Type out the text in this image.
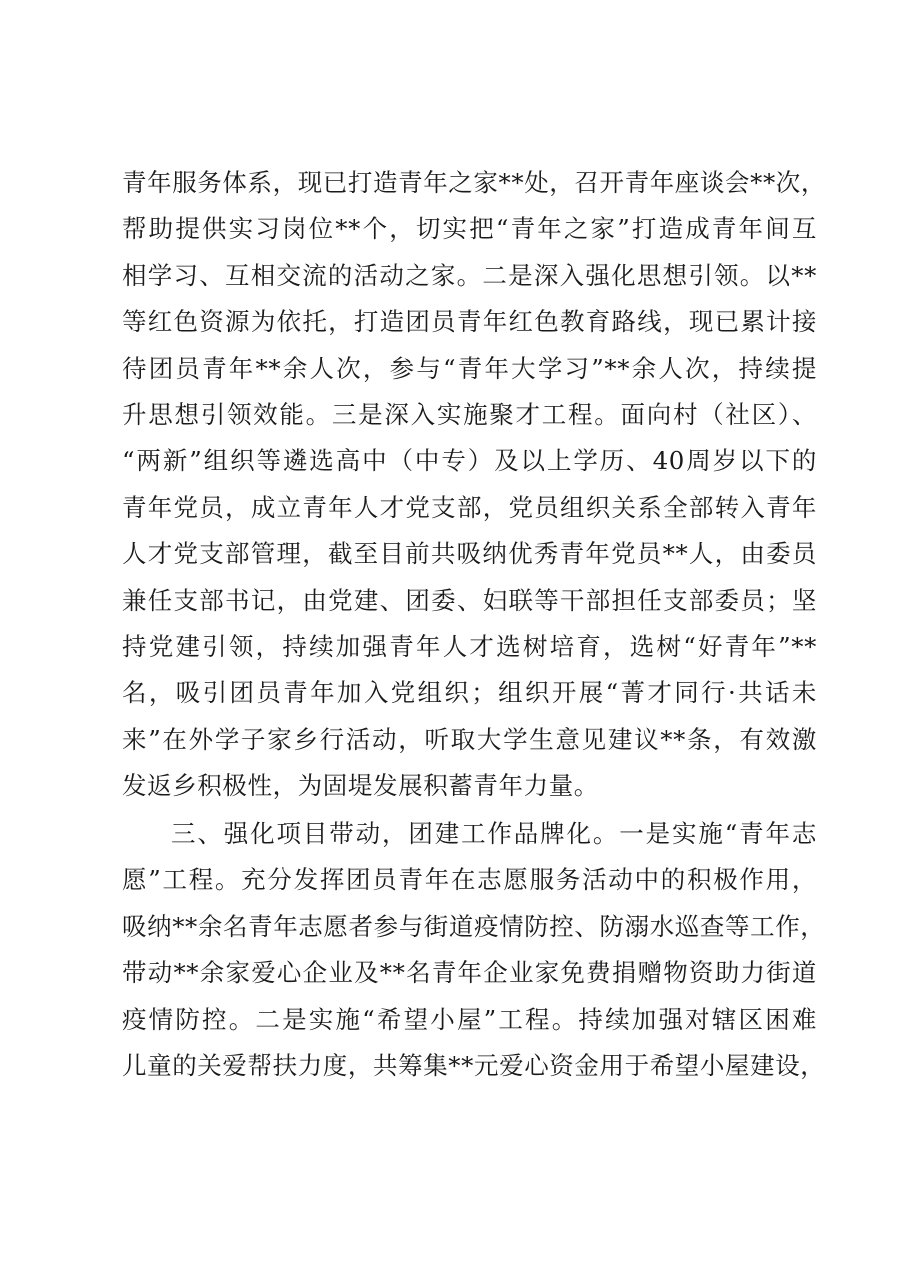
青年服务体系，现已打造青年之家**处，召开青年座谈会**次，
帮助提供实习岗位**个，切实把“青年之家”打造成青年间互
相学习、互相交流的活动之家。二是深入强化思想引领。以**
等红色资源为依托，打造团员青年红色教育路线，现已累计接
待团员青年**余人次，参与“青年大学习”**余人次，持续提
升思想引领效能。三是深入实施聚才工程。面向村（社区）、
“两新”组织等遴选高中（中专）及以上学历、40周岁以下的
青年党员，成立青年人才党支部，党员组织关系全部转入青年
人才党支部管理，截至目前共吸纳优秀青年党员**人，由委员
兼任支部书记，由党建、团委、妇联等干部担任支部委员；坚
持党建引领，持续加强青年人才选树培育，选树“好青年”**
名，吸引团员青年加入党组织；组织开展“菁才同行·共话未
来”在外学子家乡行活动，听取大学生意见建议**条，有效激
发返乡积极性，为固堤发展积蓄青年力量。
三、强化项目带动，团建工作品牌化。一是实施“青年志
愿”工程。充分发挥团员青年在志愿服务活动中的积极作用，
吸纳**余名青年志愿者参与街道疫情防控、防溺水巡查等工作，
带动**余家爱心企业及**名青年企业家免费捐赠物资助力街道
疫情防控。二是实施“希望小屋”工程。持续加强对辖区困难
儿童的关爱帮扶力度，共筹集**元爱心资金用于希望小屋建设，
